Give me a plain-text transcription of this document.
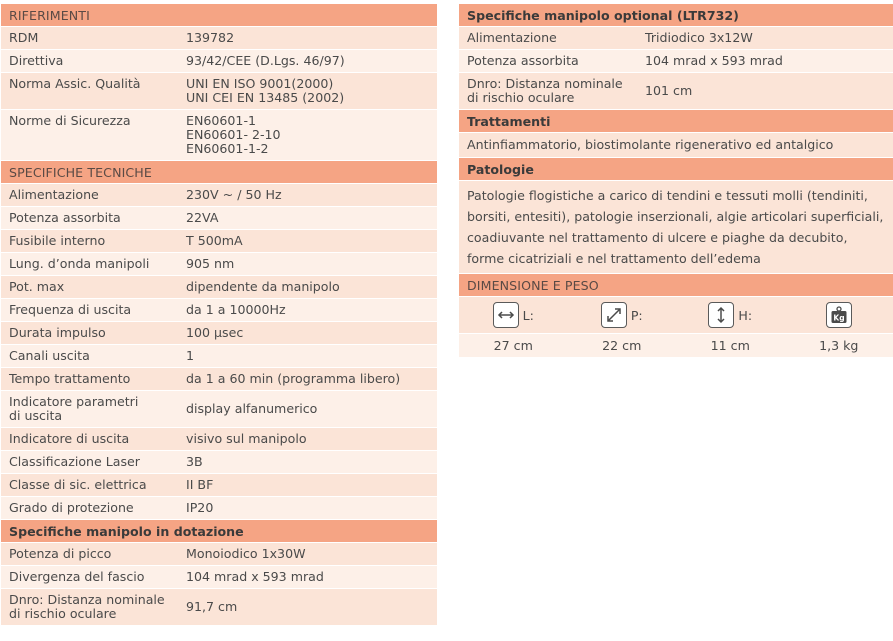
RIFERIMENTI
RDM	139782
Direttiva	93/42/CEE (D.Lgs. 46/97)
Norma Assic. Qualità	UNI EN ISO 9001(2000)
UNI CEI EN 13485 (2002)
Norme di Sicurezza	EN60601-1
EN60601- 2-10
EN60601-1-2
SPECIFICHE TECNICHE
Alimentazione	230V ~ / 50 Hz
Potenza assorbita	22VA
Fusibile interno	T 500mA
Lung. d’onda manipoli	905 nm
Pot. max	dipendente da manipolo
Frequenza di uscita	da 1 a 10000Hz
Durata impulso	100 µsec
Canali uscita	1
Tempo trattamento	da 1 a 60 min (programma libero)
Indicatore parametri
di uscita	display alfanumerico
Indicatore di uscita	visivo sul manipolo
Classificazione Laser	3B
Classe di sic. elettrica	II BF
Grado di protezione	IP20
Specifiche manipolo in dotazione
Potenza di picco	Monoiodico 1x30W
Divergenza del fascio	104 mrad x 593 mrad
Dnro: Distanza nominale
di rischio oculare	91,7 cm
Specifiche manipolo optional (LTR732)
Alimentazione	Tridiodico 3x12W
Potenza assorbita	104 mrad x 593 mrad
Dnro: Distanza nominale
di rischio oculare	101 cm
Trattamenti
Antinfiammatorio, biostimolante rigenerativo ed antalgico
Patologie
Patologie flogistiche a carico di tendini e tessuti molli (tendiniti, borsiti, entesiti), patologie inserzionali, algie articolari superficiali, coadiuvante nel trattamento di ulcere e piaghe da decubito, forme cicatriziali e nel trattamento dell’edema
DIMENSIONE E PESO
L:	P:	H:	Kg
27 cm	22 cm	11 cm	1,3 kg
